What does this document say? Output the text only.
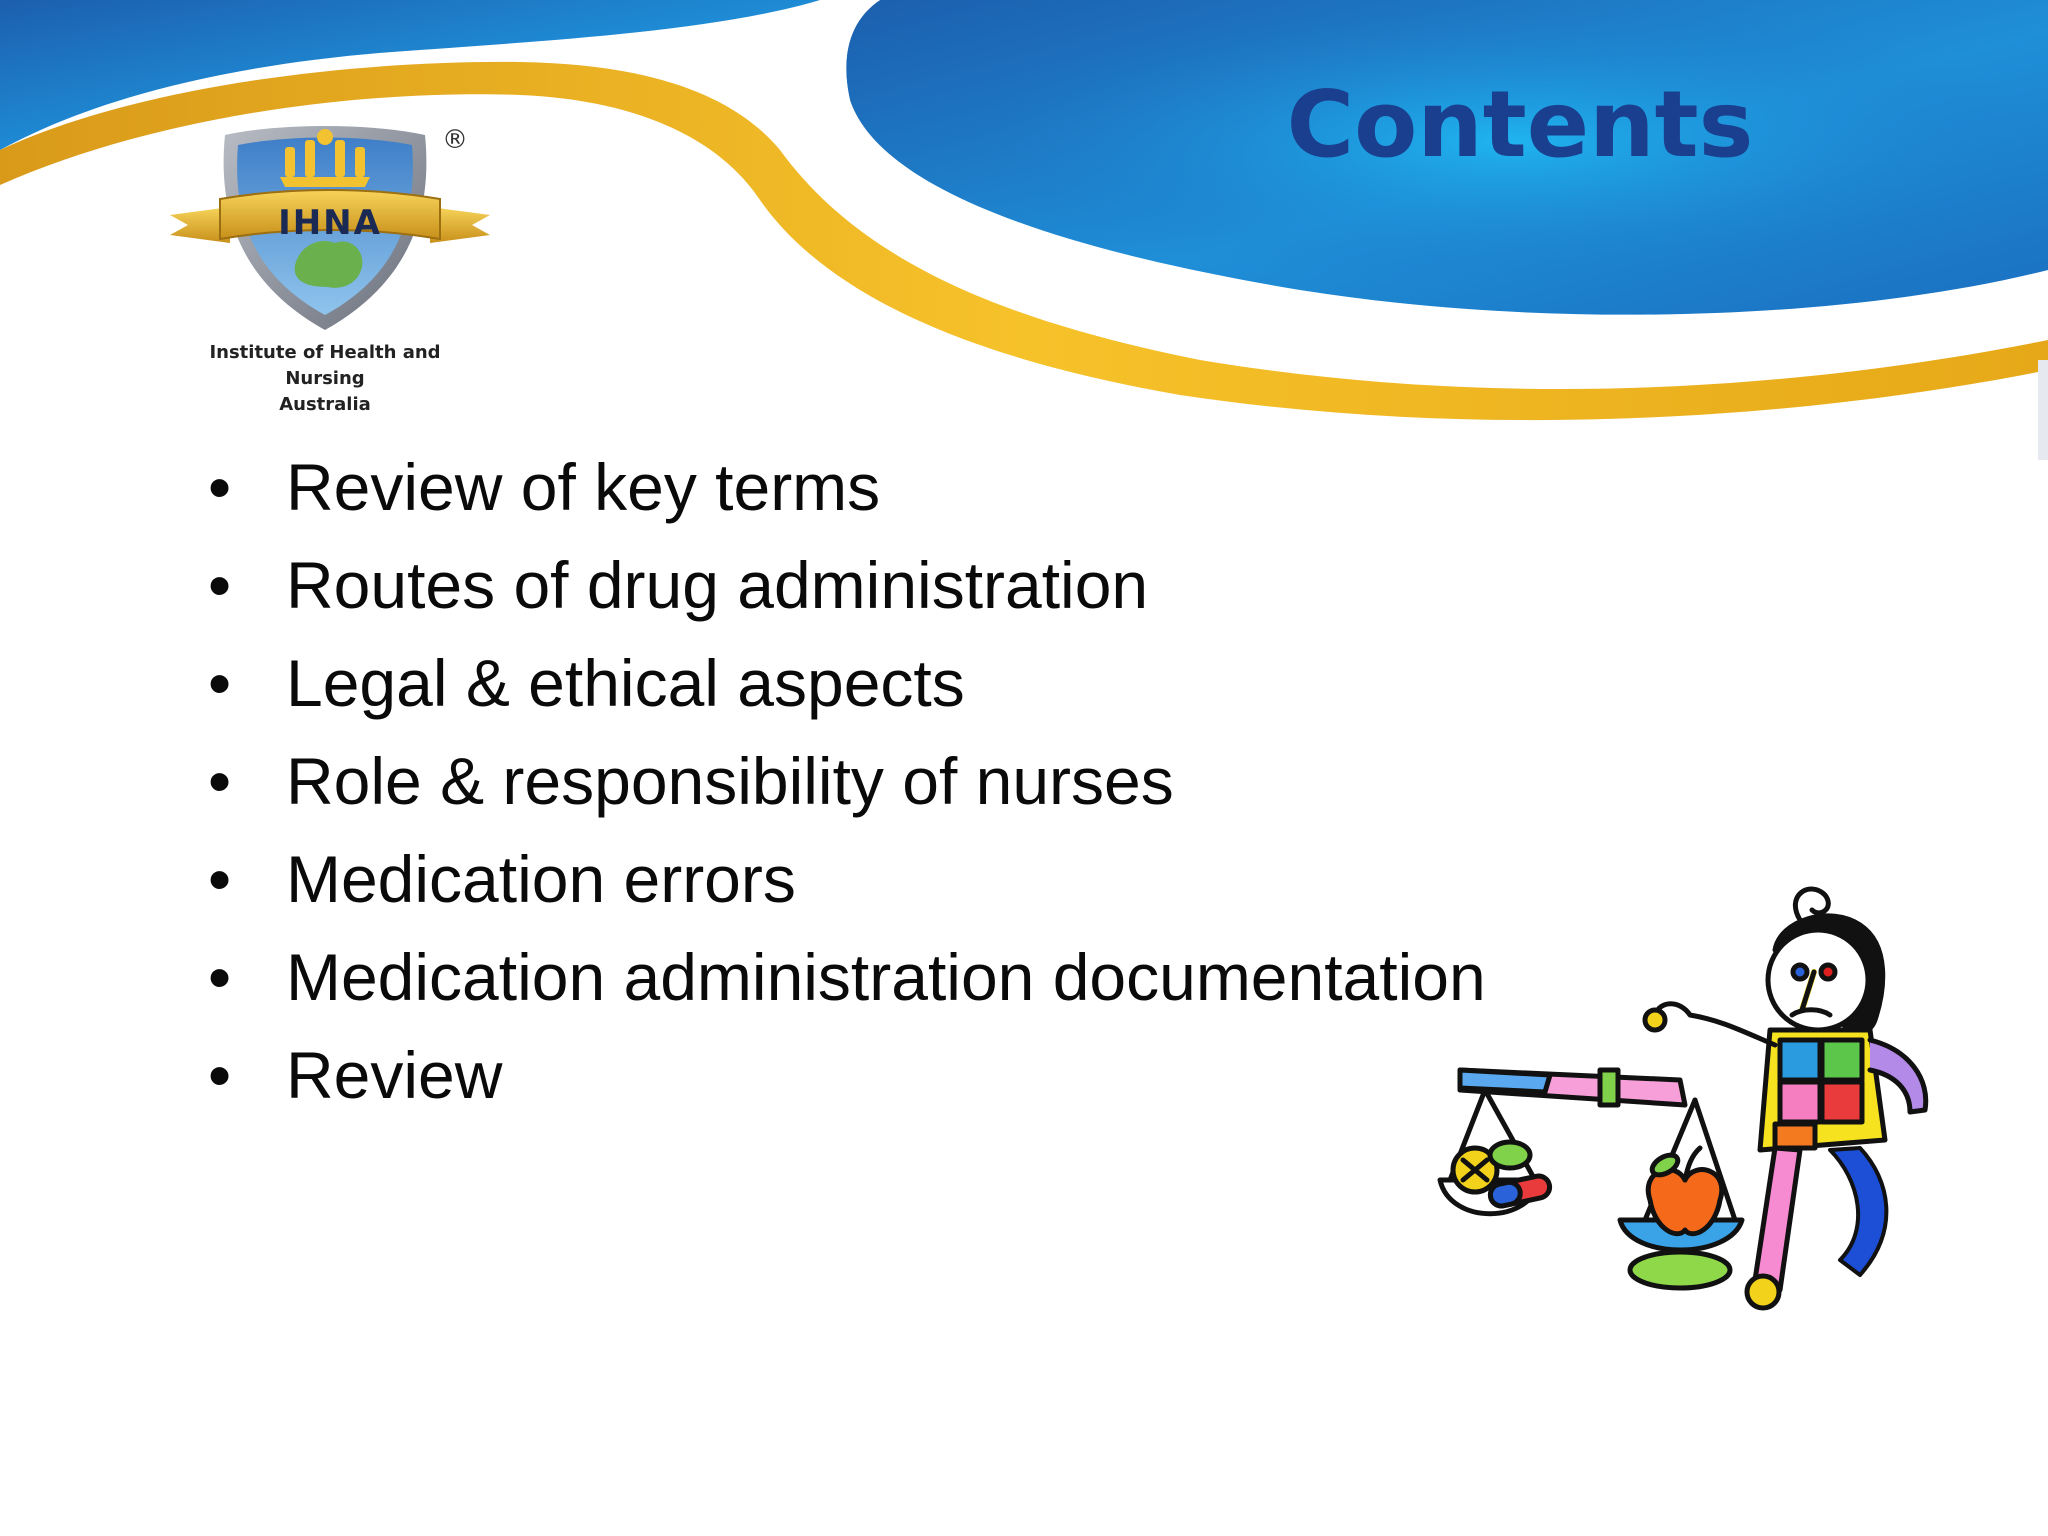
Contents
IHNA
®
Institute of Health and Nursing
Australia
• Review of key terms
• Routes of drug administration
• Legal & ethical aspects
• Role & responsibility of nurses
• Medication errors
• Medication administration documentation
• Review
